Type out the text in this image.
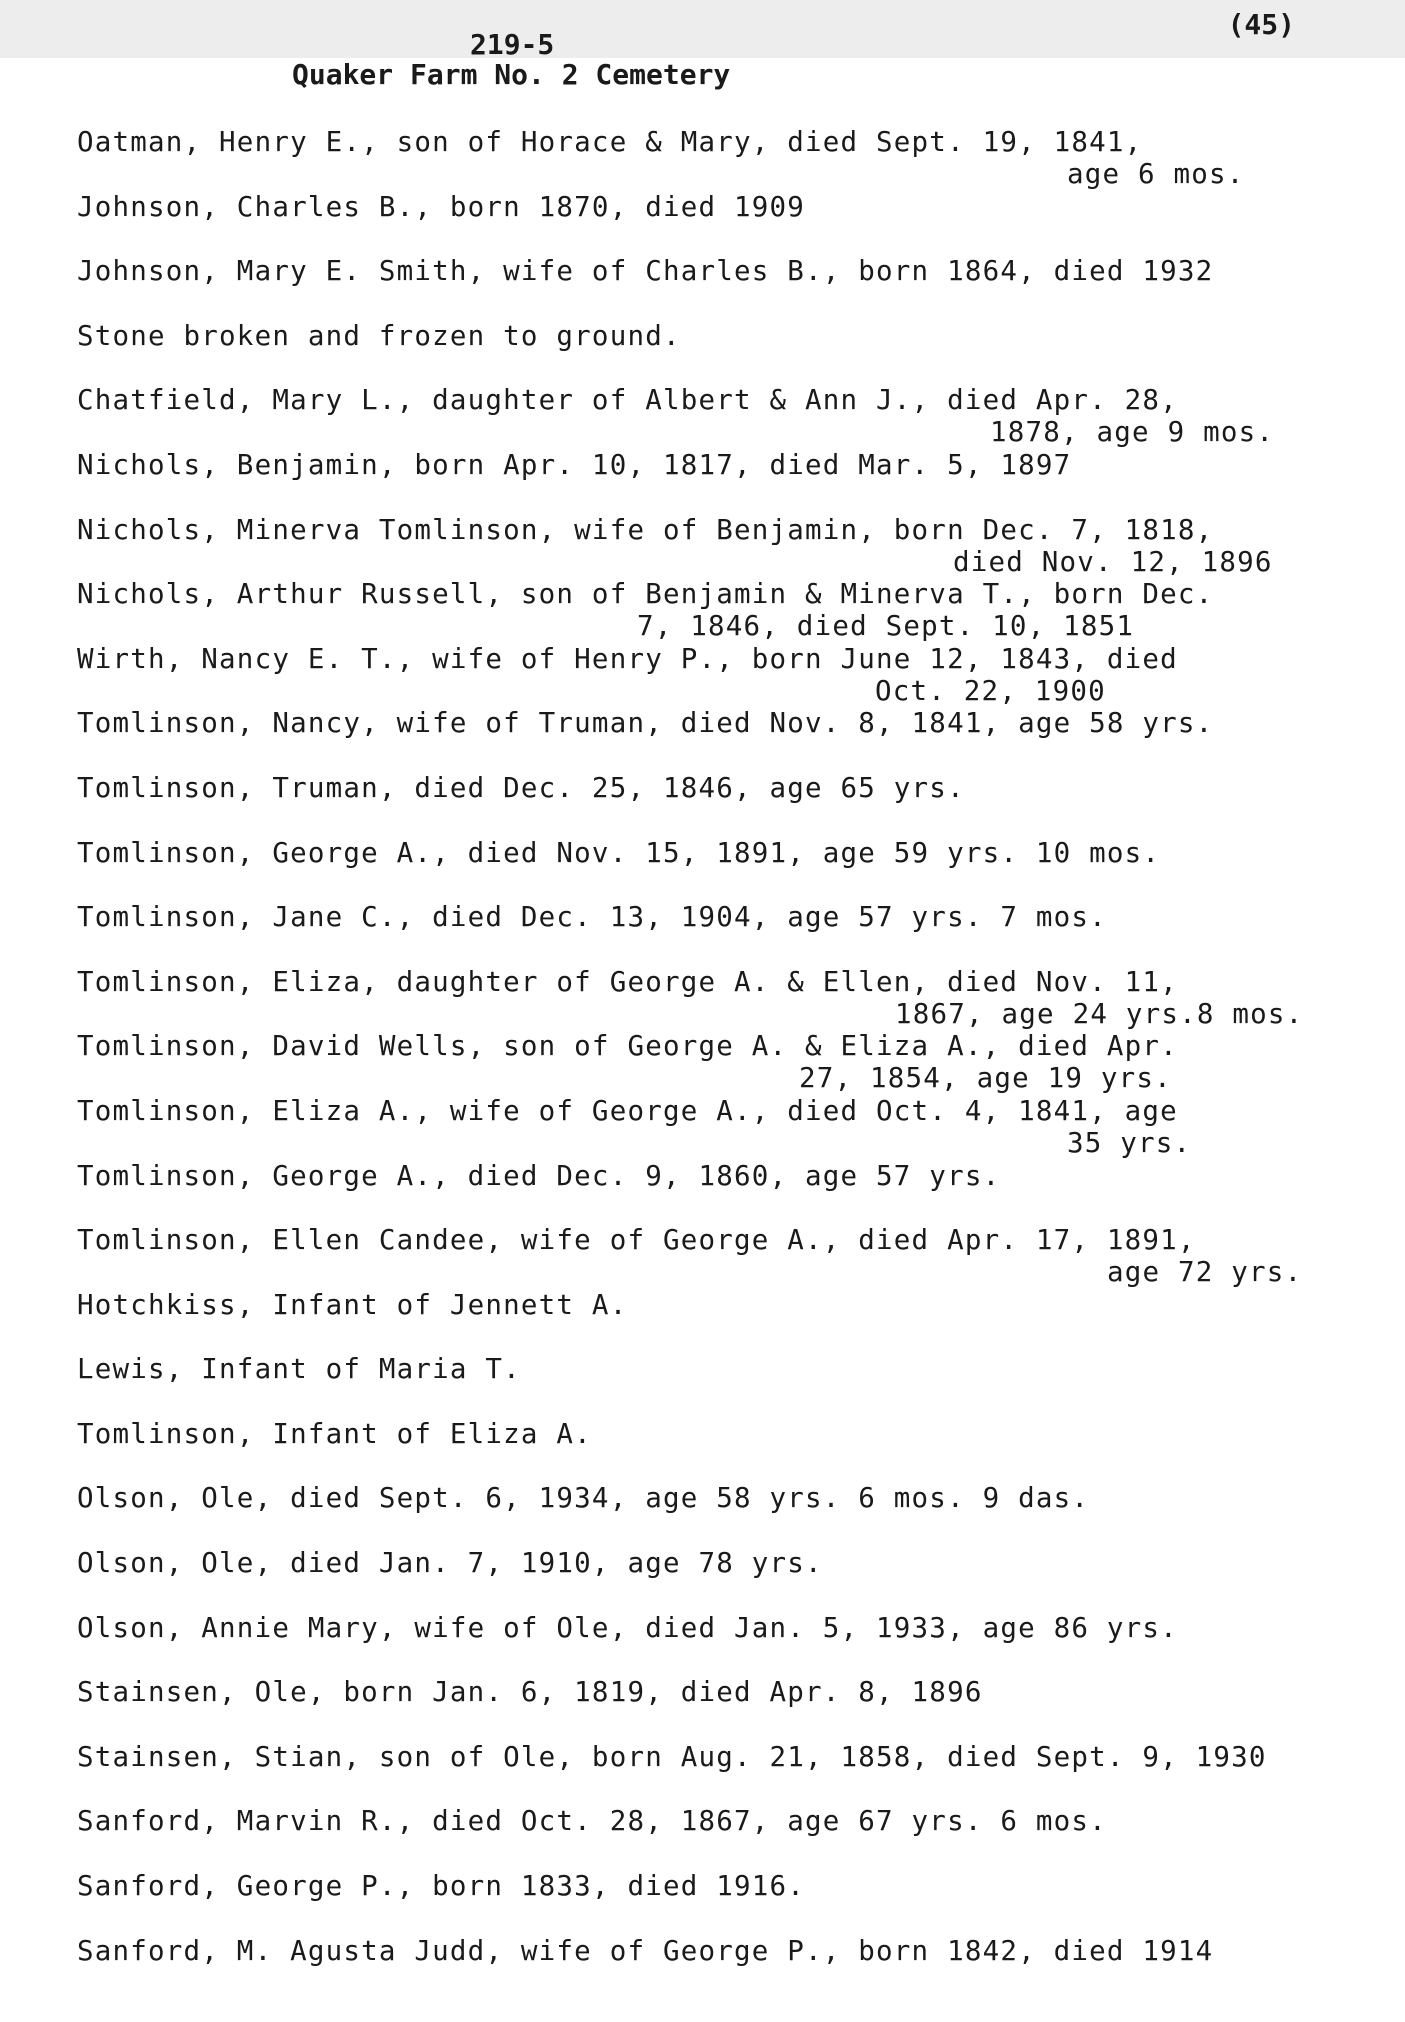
(45)
219-5
Quaker Farm No. 2 Cemetery
Oatman, Henry E., son of Horace & Mary, died Sept. 19, 1841,
age 6 mos.
Johnson, Charles B., born 1870, died 1909
Johnson, Mary E. Smith, wife of Charles B., born 1864, died 1932
Stone broken and frozen to ground.
Chatfield, Mary L., daughter of Albert & Ann J., died Apr. 28,
1878, age 9 mos.
Nichols, Benjamin, born Apr. 10, 1817, died Mar. 5, 1897
Nichols, Minerva Tomlinson, wife of Benjamin, born Dec. 7, 1818,
died Nov. 12, 1896
Nichols, Arthur Russell, son of Benjamin & Minerva T., born Dec.
7, 1846, died Sept. 10, 1851
Wirth, Nancy E. T., wife of Henry P., born June 12, 1843, died
Oct. 22, 1900
Tomlinson, Nancy, wife of Truman, died Nov. 8, 1841, age 58 yrs.
Tomlinson, Truman, died Dec. 25, 1846, age 65 yrs.
Tomlinson, George A., died Nov. 15, 1891, age 59 yrs. 10 mos.
Tomlinson, Jane C., died Dec. 13, 1904, age 57 yrs. 7 mos.
Tomlinson, Eliza, daughter of George A. & Ellen, died Nov. 11,
1867, age 24 yrs.8 mos.
Tomlinson, David Wells, son of George A. & Eliza A., died Apr.
27, 1854, age 19 yrs.
Tomlinson, Eliza A., wife of George A., died Oct. 4, 1841, age
35 yrs.
Tomlinson, George A., died Dec. 9, 1860, age 57 yrs.
Tomlinson, Ellen Candee, wife of George A., died Apr. 17, 1891,
age 72 yrs.
Hotchkiss, Infant of Jennett A.
Lewis, Infant of Maria T.
Tomlinson, Infant of Eliza A.
Olson, Ole, died Sept. 6, 1934, age 58 yrs. 6 mos. 9 das.
Olson, Ole, died Jan. 7, 1910, age 78 yrs.
Olson, Annie Mary, wife of Ole, died Jan. 5, 1933, age 86 yrs.
Stainsen, Ole, born Jan. 6, 1819, died Apr. 8, 1896
Stainsen, Stian, son of Ole, born Aug. 21, 1858, died Sept. 9, 1930
Sanford, Marvin R., died Oct. 28, 1867, age 67 yrs. 6 mos.
Sanford, George P., born 1833, died 1916.
Sanford, M. Agusta Judd, wife of George P., born 1842, died 1914
